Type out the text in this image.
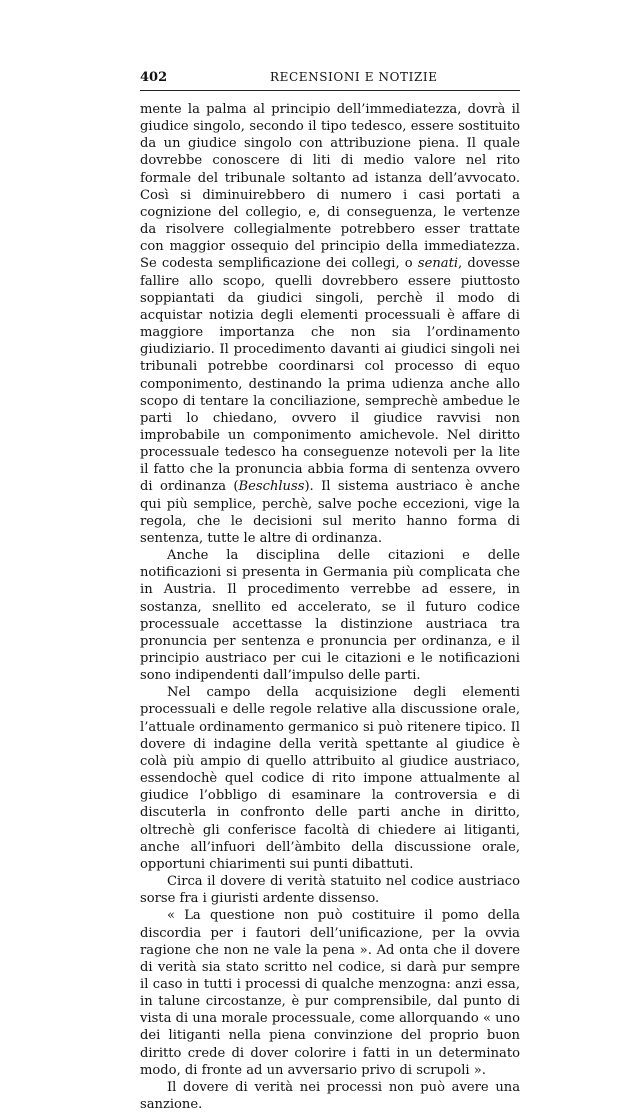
402	RECENSIONI E NOTIZIE

mente la palma al principio dell’immediatezza, dovrà il giudice singolo, secondo il tipo tedesco, essere sostituito da un giudice singolo con attribuzione piena. Il quale dovrebbe conoscere di liti di medio valore nel rito formale del tribunale soltanto ad istanza dell’avvocato. Così si diminuirebbero di numero i casi portati a cognizione del collegio, e, di conseguenza, le vertenze da risolvere collegialmente potrebbero esser trattate con maggior ossequio del principio della immediatezza. Se codesta semplificazione dei collegi, o senati, dovesse fallire allo scopo, quelli dovrebbero essere piuttosto soppiantati da giudici singoli, perchè il modo di acquistar notizia degli elementi processuali è affare di maggiore importanza che non sia l’ordinamento giudiziario. Il procedimento davanti ai giudici singoli nei tribunali potrebbe coordinarsi col processo di equo componimento, destinando la prima udienza anche allo scopo di tentare la conciliazione, semprechè ambedue le parti lo chiedano, ovvero il giudice ravvisi non improbabile un componimento amichevole. Nel diritto processuale tedesco ha conseguenze notevoli per la lite il fatto che la pronuncia abbia forma di sentenza ovvero di ordinanza (Beschluss). Il sistema austriaco è anche qui più semplice, perchè, salve poche eccezioni, vige la regola, che le decisioni sul merito hanno forma di sentenza, tutte le altre di ordinanza.

Anche la disciplina delle citazioni e delle notificazioni si presenta in Germania più complicata che in Austria. Il procedimento verrebbe ad essere, in sostanza, snellito ed accelerato, se il futuro codice processuale accettasse la distinzione austriaca tra pronuncia per sentenza e pronuncia per ordinanza, e il principio austriaco per cui le citazioni e le notificazioni sono indipendenti dall’impulso delle parti.

Nel campo della acquisizione degli elementi processuali e delle regole relative alla discussione orale, l’attuale ordinamento germanico si può ritenere tipico. Il dovere di indagine della verità spettante al giudice è colà più ampio di quello attribuito al giudice austriaco, essendochè quel codice di rito impone attualmente al giudice l’obbligo di esaminare la controversia e di discuterla in confronto delle parti anche in diritto, oltrechè gli conferisce facoltà di chiedere ai litiganti, anche all’infuori dell’àmbito della discussione orale, opportuni chiarimenti sui punti dibattuti.

Circa il dovere di verità statuito nel codice austriaco sorse fra i giuristi ardente dissenso.

« La questione non può costituire il pomo della discordia per i fautori dell’unificazione, per la ovvia ragione che non ne vale la pena ». Ad onta che il dovere di verità sia stato scritto nel codice, si darà pur sempre il caso in tutti i processi di qualche menzogna: anzi essa, in talune circostanze, è pur comprensibile, dal punto di vista di una morale processuale, come allorquando « uno dei litiganti nella piena convinzione del proprio buon diritto crede di dover colorire i fatti in un determinato modo, di fronte ad un avversario privo di scrupoli ».

Il dovere di verità nei processi non può avere una sanzione.
